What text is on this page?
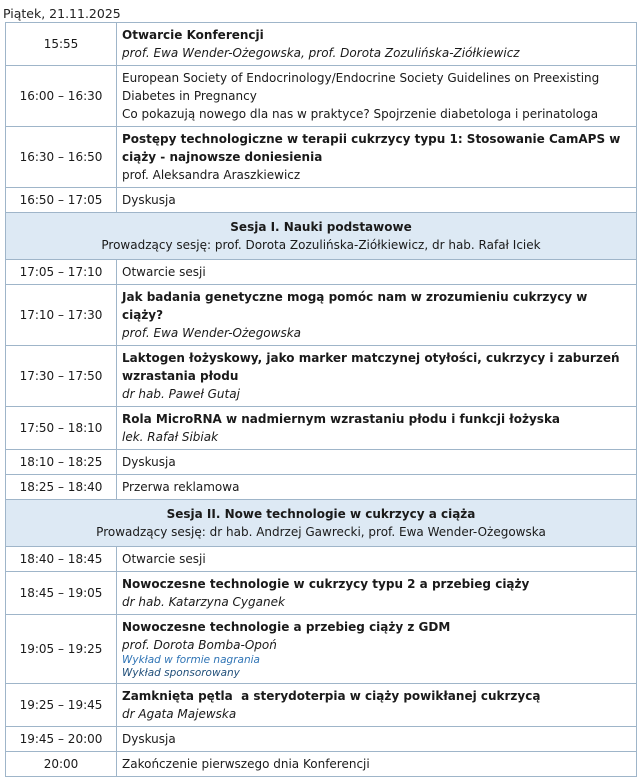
Piątek, 21.11.2025
15:55	Otwarcie Konferencji
prof. Ewa Wender-Ożegowska, prof. Dorota Zozulińska-Ziółkiewicz

16:00 – 16:30	European Society of Endocrinology/Endocrine Society Guidelines on Preexisting Diabetes in Pregnancy
Co pokazują nowego dla nas w praktyce? Spojrzenie diabetologa i perinatologa

16:30 – 16:50	Postępy technologiczne w terapii cukrzycy typu 1: Stosowanie CamAPS w ciąży - najnowsze doniesienia
prof. Aleksandra Araszkiewicz

16:50 – 17:05	Dyskusja

Sesja I. Nauki podstawowe
Prowadzący sesję: prof. Dorota Zozulińska-Ziółkiewicz, dr hab. Rafał Iciek	

17:05 – 17:10	Otwarcie sesji

17:10 – 17:30	Jak badania genetyczne mogą pomóc nam w zrozumieniu cukrzycy w ciąży?
prof. Ewa Wender-Ożegowska

17:30 – 17:50	Laktogen łożyskowy, jako marker matczynej otyłości, cukrzycy i zaburzeń wzrastania płodu
dr hab. Paweł Gutaj

17:50 – 18:10	Rola MicroRNA w nadmiernym wzrastaniu płodu i funkcji łożyska
lek. Rafał Sibiak

18:10 – 18:25	Dyskusja

18:25 – 18:40	Przerwa reklamowa

Sesja II. Nowe technologie w cukrzycy a ciąża
Prowadzący sesję: dr hab. Andrzej Gawrecki, prof. Ewa Wender-Ożegowska	

18:40 – 18:45	Otwarcie sesji

18:45 – 19:05	Nowoczesne technologie w cukrzycy typu 2 a przebieg ciąży
dr hab. Katarzyna Cyganek

19:05 – 19:25	Nowoczesne technologie a przebieg ciąży z GDM
prof. Dorota Bomba-Opoń
Wykład w formie nagrania
Wykład sponsorowany

19:25 – 19:45	Zamknięta pętla  a sterydoterpia w ciąży powikłanej cukrzycą
dr Agata Majewska

19:45 – 20:00	Dyskusja

20:00	Zakończenie pierwszego dnia Konferencji
